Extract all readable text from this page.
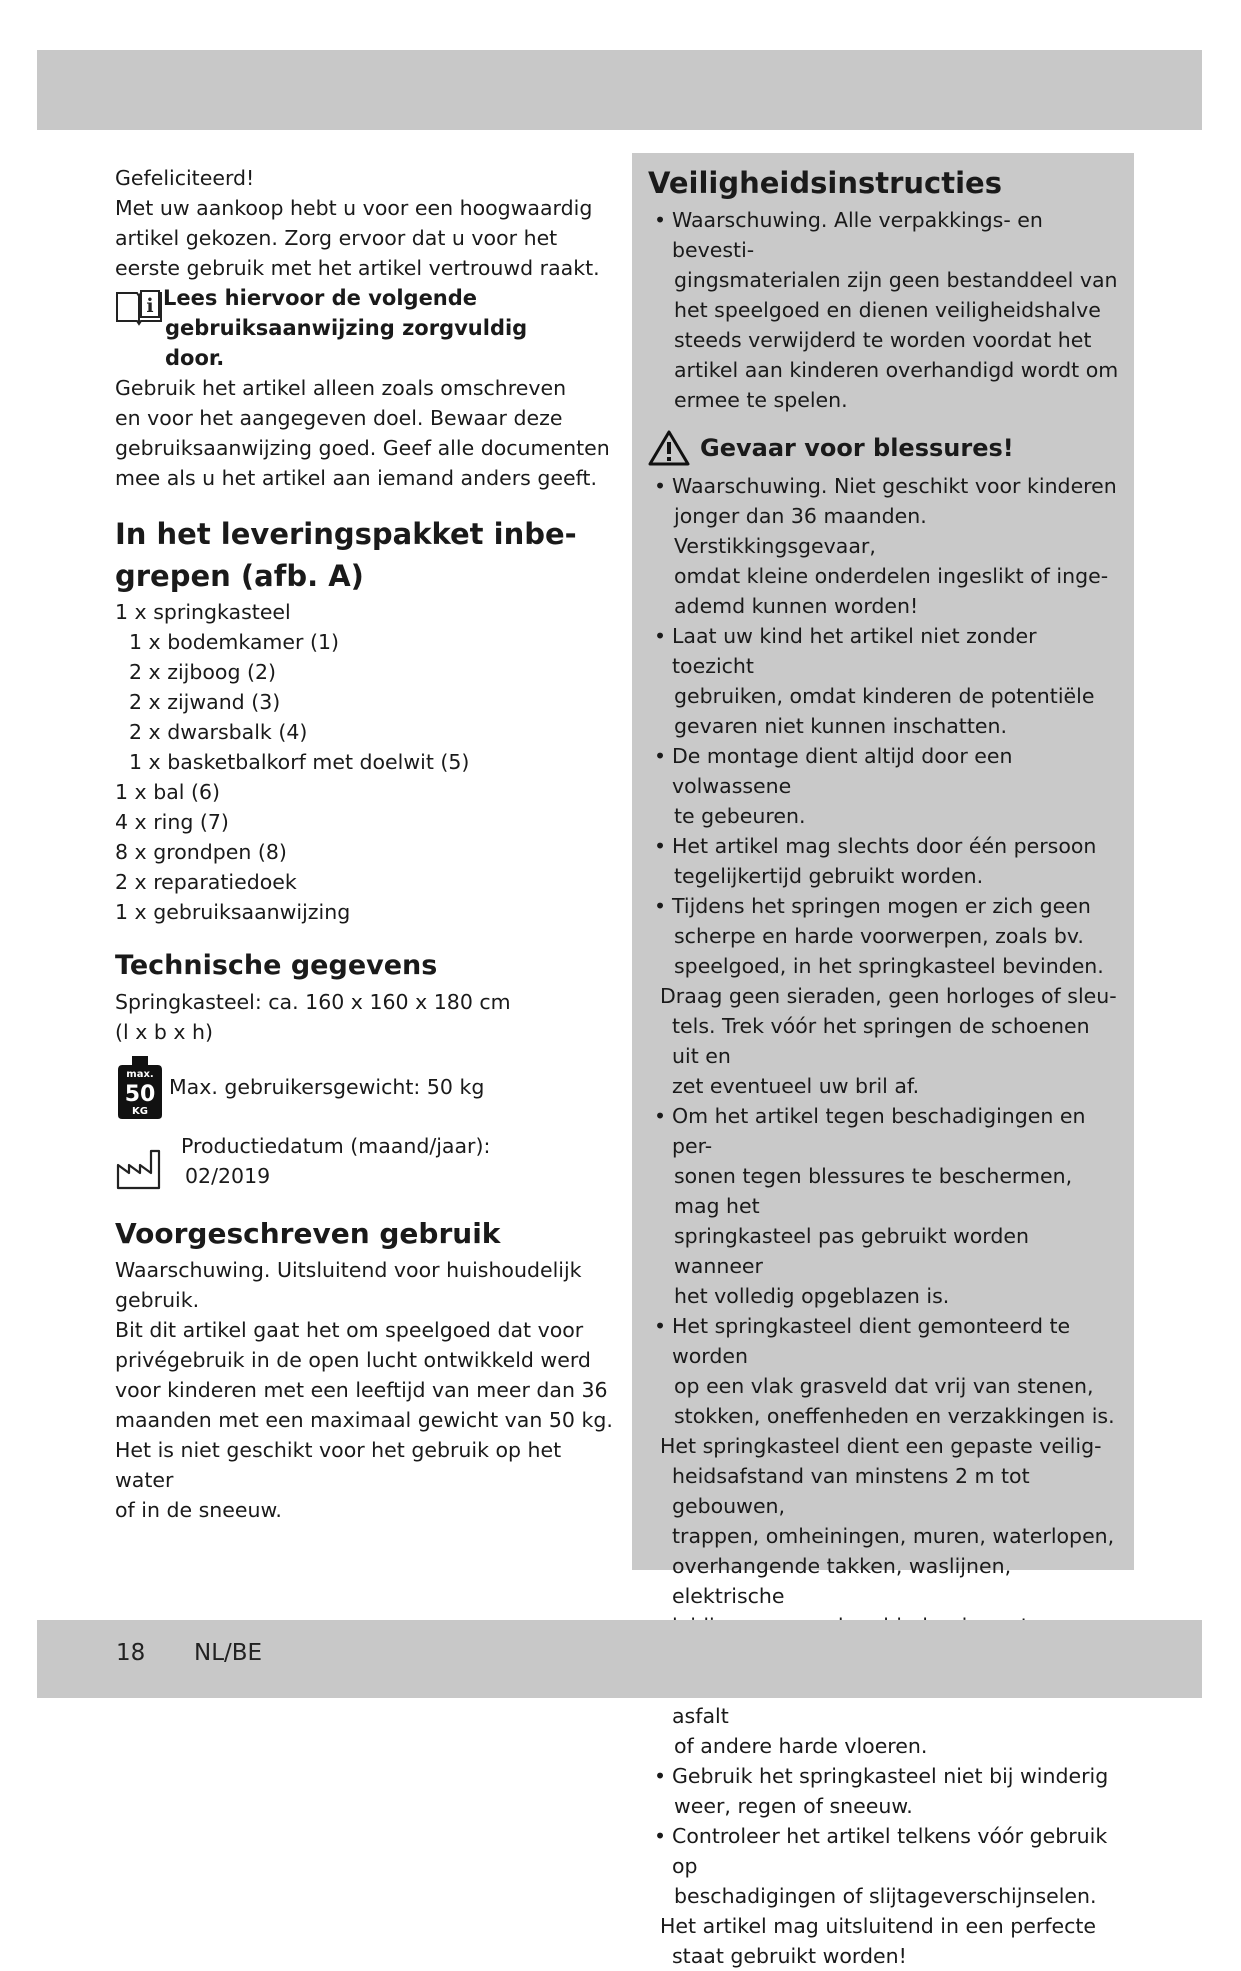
Gefeliciteerd!

Met uw aankoop hebt u voor een hoogwaardig

artikel gekozen. Zorg ervoor dat u voor het

eerste gebruik met het artikel vertrouwd raakt.

i Lees hiervoor de volgende

gebruiksaanwijzing zorgvuldig

door.

Gebruik het artikel alleen zoals omschreven

en voor het aangegeven doel. Bewaar deze

gebruiksaanwijzing goed. Geef alle documenten

mee als u het artikel aan iemand anders geeft.

In het leveringspakket inbe-

grepen (afb. A)

1 x springkasteel

1 x bodemkamer (1)

2 x zijboog (2)

2 x zijwand (3)

2 x dwarsbalk (4)

1 x basketbalkorf met doelwit (5)

1 x bal (6)

4 x ring (7)

8 x grondpen (8)

2 x reparatiedoek

1 x gebruiksaanwijzing

Technische gegevens

Springkasteel: ca. 160 x 160 x 180 cm

(l x b x h)

max.
50
KG
Max. gebruikersgewicht: 50 kg

Productiedatum (maand/jaar):

02/2019

Voorgeschreven gebruik

Waarschuwing. Uitsluitend voor huishoudelijk

gebruik.

Bit dit artikel gaat het om speelgoed dat voor

privégebruik in de open lucht ontwikkeld werd

voor kinderen met een leeftijd van meer dan 36

maanden met een maximaal gewicht van 50 kg.

Het is niet geschikt voor het gebruik op het water

of in de sneeuw.

Veiligheidsinstructies

• Waarschuwing. Alle verpakkings- en bevesti-

gingsmaterialen zijn geen bestanddeel van

het speelgoed en dienen veiligheidshalve

steeds verwijderd te worden voordat het

artikel aan kinderen overhandigd wordt om

ermee te spelen.

Gevaar voor blessures!
• Waarschuwing. Niet geschikt voor kinderen

jonger dan 36 maanden. Verstikkingsgevaar,

omdat kleine onderdelen ingeslikt of inge-

ademd kunnen worden!

• Laat uw kind het artikel niet zonder toezicht

gebruiken, omdat kinderen de potentiële

gevaren niet kunnen inschatten.

• De montage dient altijd door een volwassene

te gebeuren.

• Het artikel mag slechts door één persoon

tegelijkertijd gebruikt worden.

• Tijdens het springen mogen er zich geen

scherpe en harde voorwerpen, zoals bv.

speelgoed, in het springkasteel bevinden.

Draag geen sieraden, geen horloges of sleu-

tels. Trek vóór het springen de schoenen uit en

zet eventueel uw bril af.

• Om het artikel tegen beschadigingen en per-

sonen tegen blessures te beschermen, mag het

springkasteel pas gebruikt worden wanneer

het volledig opgeblazen is.

• Het springkasteel dient gemonteerd te worden

op een vlak grasveld dat vrij van stenen,

stokken, oneffenheden en verzakkingen is.

Het springkasteel dient een gepaste veilig-

heidsafstand van minstens 2 m tot gebouwen,

trappen, omheiningen, muren, waterlopen,

overhangende takken, waslijnen, elektrische

asfalt

of andere harde vloeren.

• Gebruik het springkasteel niet bij winderig

weer, regen of sneeuw.

• Controleer het artikel telkens vóór gebruik op

beschadigingen of slijtageverschijnselen.

Het artikel mag uitsluitend in een perfecte

staat gebruikt worden!

18 NL/BE
